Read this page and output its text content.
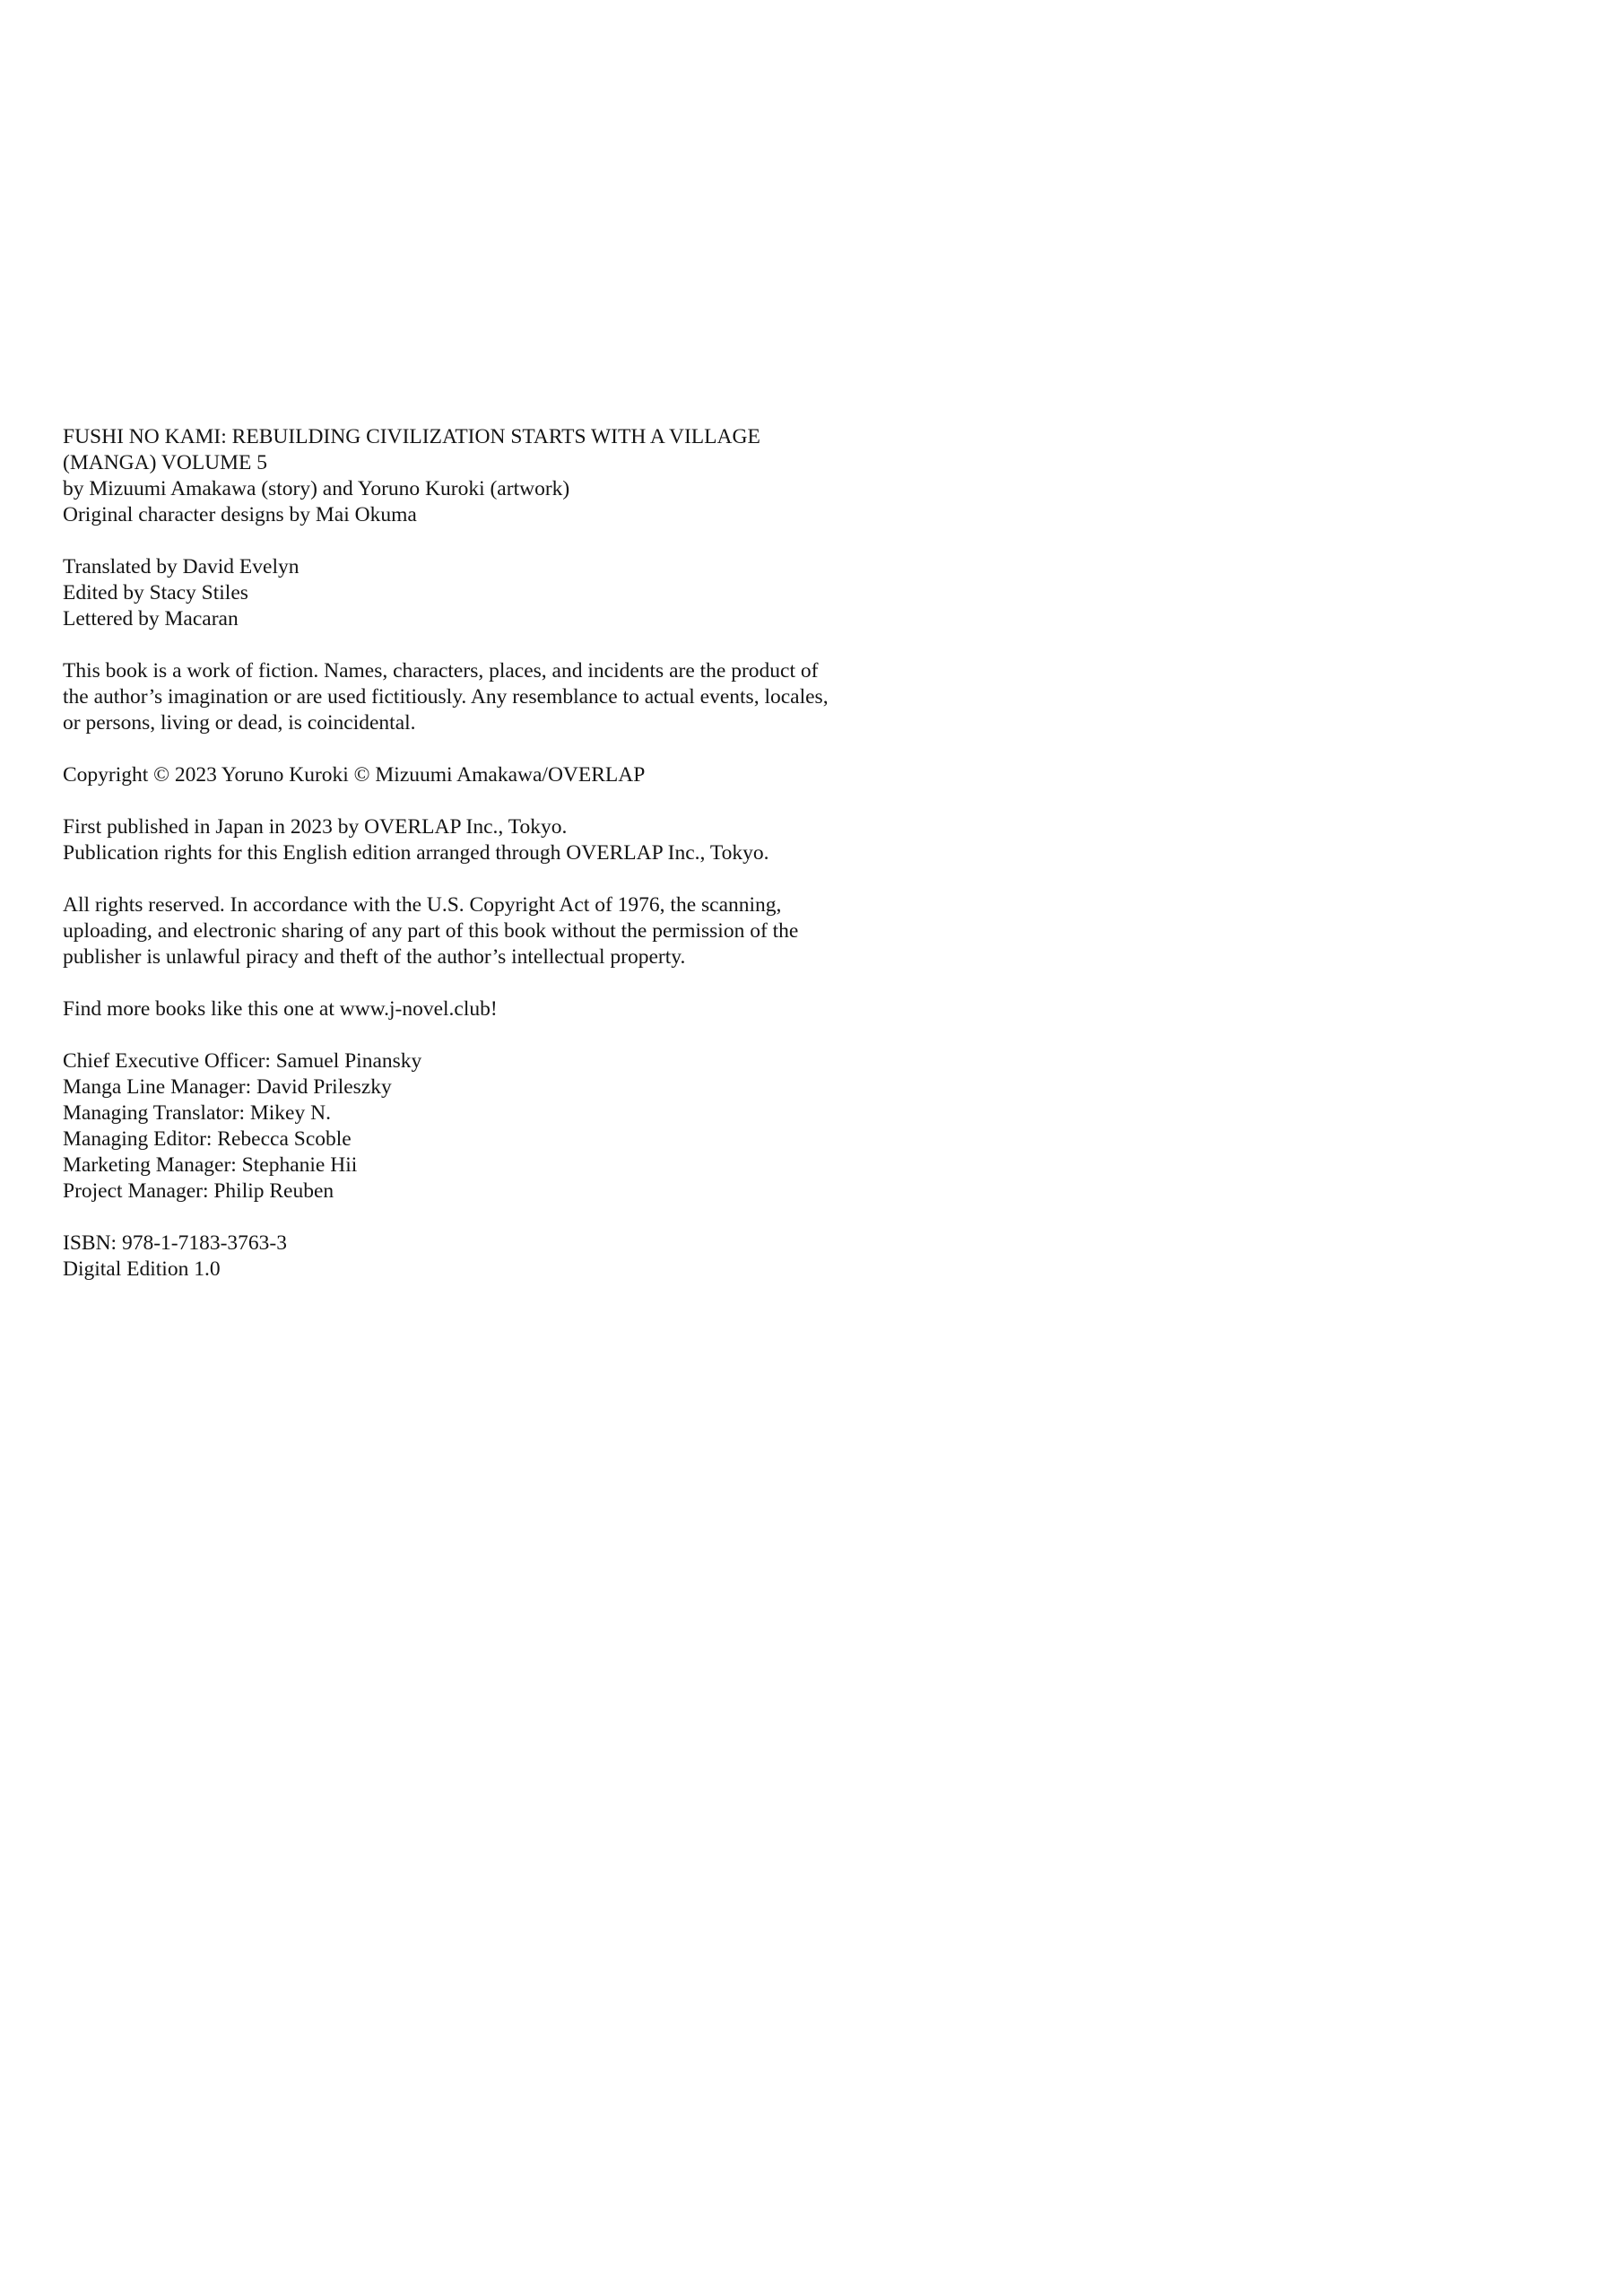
FUSHI NO KAMI: REBUILDING CIVILIZATION STARTS WITH A VILLAGE
(MANGA) VOLUME 5
by Mizuumi Amakawa (story) and Yoruno Kuroki (artwork)
Original character designs by Mai Okuma

Translated by David Evelyn
Edited by Stacy Stiles
Lettered by Macaran

This book is a work of fiction. Names, characters, places, and incidents are the product of
the author’s imagination or are used fictitiously. Any resemblance to actual events, locales,
or persons, living or dead, is coincidental.

Copyright © 2023 Yoruno Kuroki © Mizuumi Amakawa/OVERLAP

First published in Japan in 2023 by OVERLAP Inc., Tokyo.
Publication rights for this English edition arranged through OVERLAP Inc., Tokyo.

All rights reserved. In accordance with the U.S. Copyright Act of 1976, the scanning,
uploading, and electronic sharing of any part of this book without the permission of the
publisher is unlawful piracy and theft of the author’s intellectual property.

Find more books like this one at www.j-novel.club!

Chief Executive Officer: Samuel Pinansky
Manga Line Manager: David Prileszky
Managing Translator: Mikey N.
Managing Editor: Rebecca Scoble
Marketing Manager: Stephanie Hii
Project Manager: Philip Reuben

ISBN: 978-1-7183-3763-3
Digital Edition 1.0
